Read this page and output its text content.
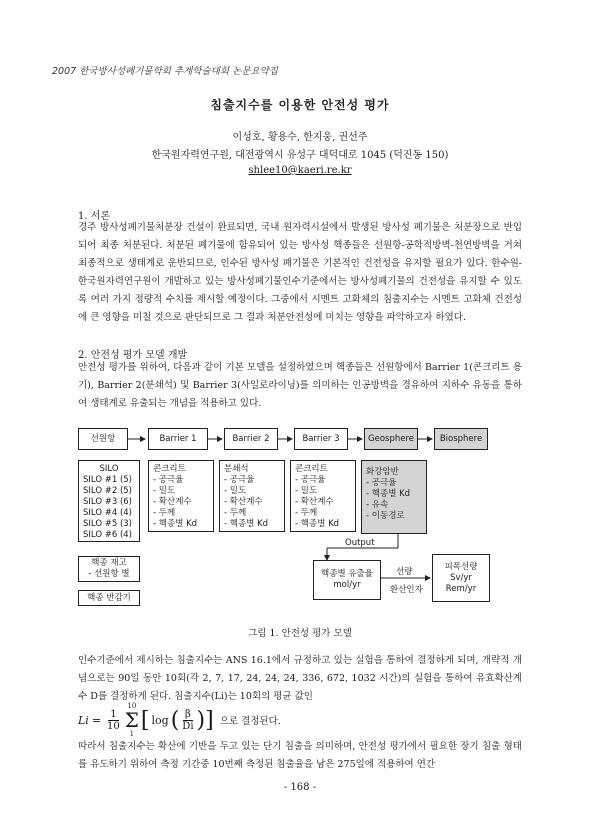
2007 한국방사성폐기물학회 추계학술대회 논문요약집
침출지수를 이용한 안전성 평가
이성호, 황용수, 한지웅, 권선주
한국원자력연구원, 대전광역시 유성구 대덕대로 1045 (덕진동 150)
shlee10@kaeri.re.kr
1. 서론
경주 방사성폐기물처분장 건설이 완료되면, 국내 원자력시설에서 발생된 방사성 폐기물은 처분장으로 반입되어 최종 처분된다. 처분된 폐기물에 함유되어 있는 방사성 핵종들은 선원항-공학적방벽-천연방벽을 거쳐 최종적으로 생태계로 운반되므로, 인수된 방사성 폐기물은 기본적인 건전성을 유지할 필요가 있다. 한수원-한국원자력연구원이 개발하고 있는 방사성폐기물인수기준에서는 방사성폐기물의 건전성을 유지할 수 있도록 여러 가지 정량적 수치를 제시할 예정이다. 그중에서 시멘트 고화체의 침출지수는 시멘트 고화체 건전성에 큰 영향을 미칠 것으로 판단되므로 그 결과 처분안전성에 미치는 영향을 파악하고자 하였다.
2. 안전성 평가 모델 개발
안전성 평가를 위하여, 다음과 같이 기본 모델을 설정하였으며 핵종들은 선원항에서 Barrier 1(콘크리트 용기), Barrier 2(분쇄석) 및 Barrier 3(사일로라이닝)를 의미하는 인공방벽을 경유하여 지하수 유동을 통하여 생태계로 유출되는 개념을 적용하고 있다.
선원항	Barrier 1	Barrier 2	Barrier 3	Geosphere	Biosphere
SILO
SILO #1 (5)
SILO #2 (5)
SILO #3 (6)
SILO #4 (4)
SILO #5 (3)
SILO #6 (4)
콘크리트
- 공극율
- 밀도
- 확산계수
- 두께
- 핵종별 Kd
분쇄석
- 공극율
- 밀도
- 확산계수
- 두께
- 핵종별 Kd
콘크리트
- 공극율
- 밀도
- 확산계수
- 두께
- 핵종별 Kd
화강암반
- 공극율
- 핵종별 Kd
- 유속
- 이동경로
핵종 재고
- 선원항 별
핵종 반감기
Output
핵종별 유출율
mol/yr
선량
환산인자
피폭선량
Sv/yr
Rem/yr
그림 1. 안전성 평가 모델
인수기준에서 제시하는 침출지수는 ANS 16.1에서 규정하고 있는 실험을 통하여 결정하게 되며, 개략적 개념으로는 90일 동안 10회(각 2, 7, 17, 24, 24, 24, 336, 672, 1032 시간)의 실험을 통하여 유효확산계수 D를 결정하게 된다. 침출지수(Li)는 10회의 평균 값인
$Li = \frac{1}{10}$
10
Σ
1
[ log ( $\frac{\beta}{Di}$ ) ] 으로 결정된다.
따라서 침출지수는 확산에 기반을 두고 있는 단기 침출을 의미하며, 안전성 평가에서 필요한 장기 침출 형태를 유도하기 위하여 측정 기간중 10번째 측정된 침출율을 남은 275일에 적용하여 연간
- 168 -
